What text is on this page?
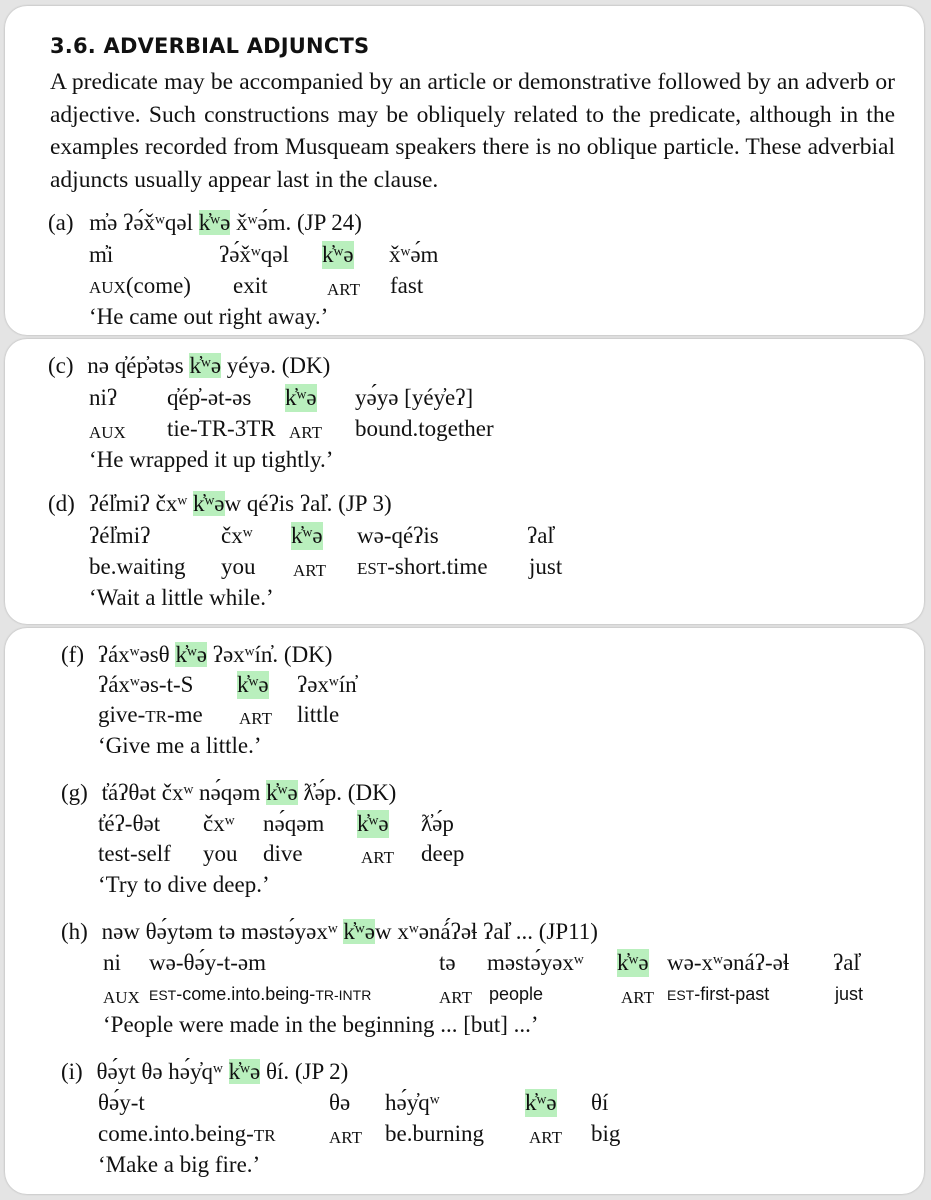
3.6. ADVERBIAL ADJUNCTS
A predicate may be accompanied by an article or demonstrative followed by an adverb or adjective. Such constructions may be obliquely related to the predicate, although in the examples recorded from Musqueam speakers there is no oblique particle. These adverbial adjuncts usually appear last in the clause.
(a) m̓ə ʔə́x̌ʷqəl k̓ʷə x̌ʷə́m. (JP 24)
m̓i	ʔə́x̌ʷqəl k̓ʷə x̌ʷə́m
AUX(come) exit	ART fast
‘He came out right away.’
(c) nə q̓ép̓ətəs k̓ʷə yéyə. (DK)
niʔ q̓ép̓-ət-əs k̓ʷə yə́yə [yéy̓eʔ]
AUX tie-TR-3TR ART bound.together
‘He wrapped it up tightly.’
(d) ʔél̓miʔ čxʷ k̓ʷəw qéʔis ʔal̓. (JP 3)
ʔél̓miʔ	čxʷ k̓ʷə wə-qéʔis	ʔal̓
be.waiting you ART EST-short.time just
‘Wait a little while.’
(f) ʔáxʷəsθ k̓ʷə ʔəxʷín̓. (DK)
ʔáxʷəs-t-S k̓ʷə ʔəxʷín̓
give-TR-me ART little
‘Give me a little.’
(g) t̓áʔθət čxʷ nə́qəm k̓ʷə ƛ̓ə́p. (DK)
t̓éʔ-θət čxʷ nə́qəm k̓ʷə ƛ̓ə́p
test-self you dive	ART deep
‘Try to dive deep.’
(h) nəw θə́ytəm tə məstə́yəxʷ k̓ʷəw xʷəná́ʔəɬ ʔal̓ ... (JP11)
ni wə-θə́y-t-əm	tə məstə́yəxʷ k̓ʷə wə-xʷənáʔ-əɬ ʔal̓
AUX EST-come.into.being-TR-INTR	ART people	ART EST-first-past	just
‘People were made in the beginning ... [but] ...’
(i) θə́yt θə hə́y̓qʷ k̓ʷə θí. (JP 2)
θə́y-t	θə hə́y̓qʷ	k̓ʷə θí
come.into.being-TR	ART be.burning	ART big
‘Make a big fire.’
